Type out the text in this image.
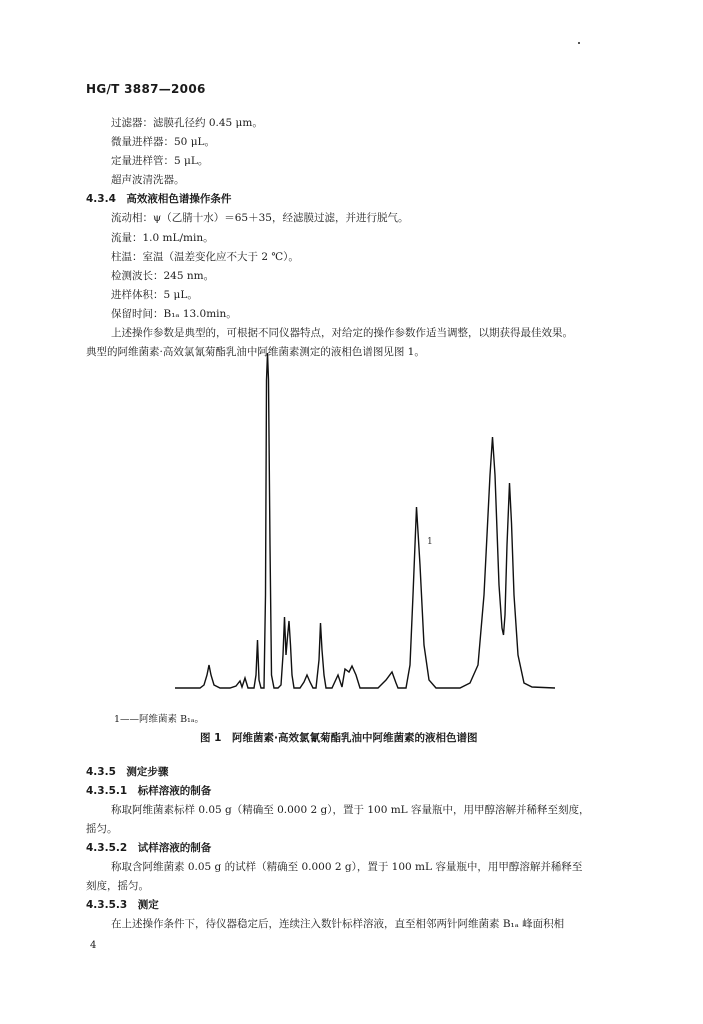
HG/T 3887—2006
过滤器：滤膜孔径约 0.45 μm。
微量进样器：50 μL。
定量进样管：5 μL。
超声波清洗器。
4.3.4　高效液相色谱操作条件
流动相：ψ（乙腈十水）＝65＋35，经滤膜过滤，并进行脱气。
流量：1.0 mL/min。
柱温：室温（温差变化应不大于 2 ℃）。
检测波长：245 nm。
进样体积：5 μL。
保留时间：B₁ₐ 13.0min。
上述操作参数是典型的，可根据不同仪器特点，对给定的操作参数作适当调整，以期获得最佳效果。
典型的阿维菌素·高效氯氰菊酯乳油中阿维菌素测定的液相色谱图见图 1。
1
1——阿维菌素 B₁ₐ。
图 1　阿维菌素·高效氯氰菊酯乳油中阿维菌素的液相色谱图
4.3.5　测定步骤
4.3.5.1　标样溶液的制备
称取阿维菌素标样 0.05 g（精确至 0.000 2 g），置于 100 mL 容量瓶中，用甲醇溶解并稀释至刻度，
摇匀。
4.3.5.2　试样溶液的制备
称取含阿维菌素 0.05 g 的试样（精确至 0.000 2 g），置于 100 mL 容量瓶中，用甲醇溶解并稀释至
刻度，摇匀。
4.3.5.3　测定
在上述操作条件下，待仪器稳定后，连续注入数针标样溶液，直至相邻两针阿维菌素 B₁ₐ 峰面积相
4
